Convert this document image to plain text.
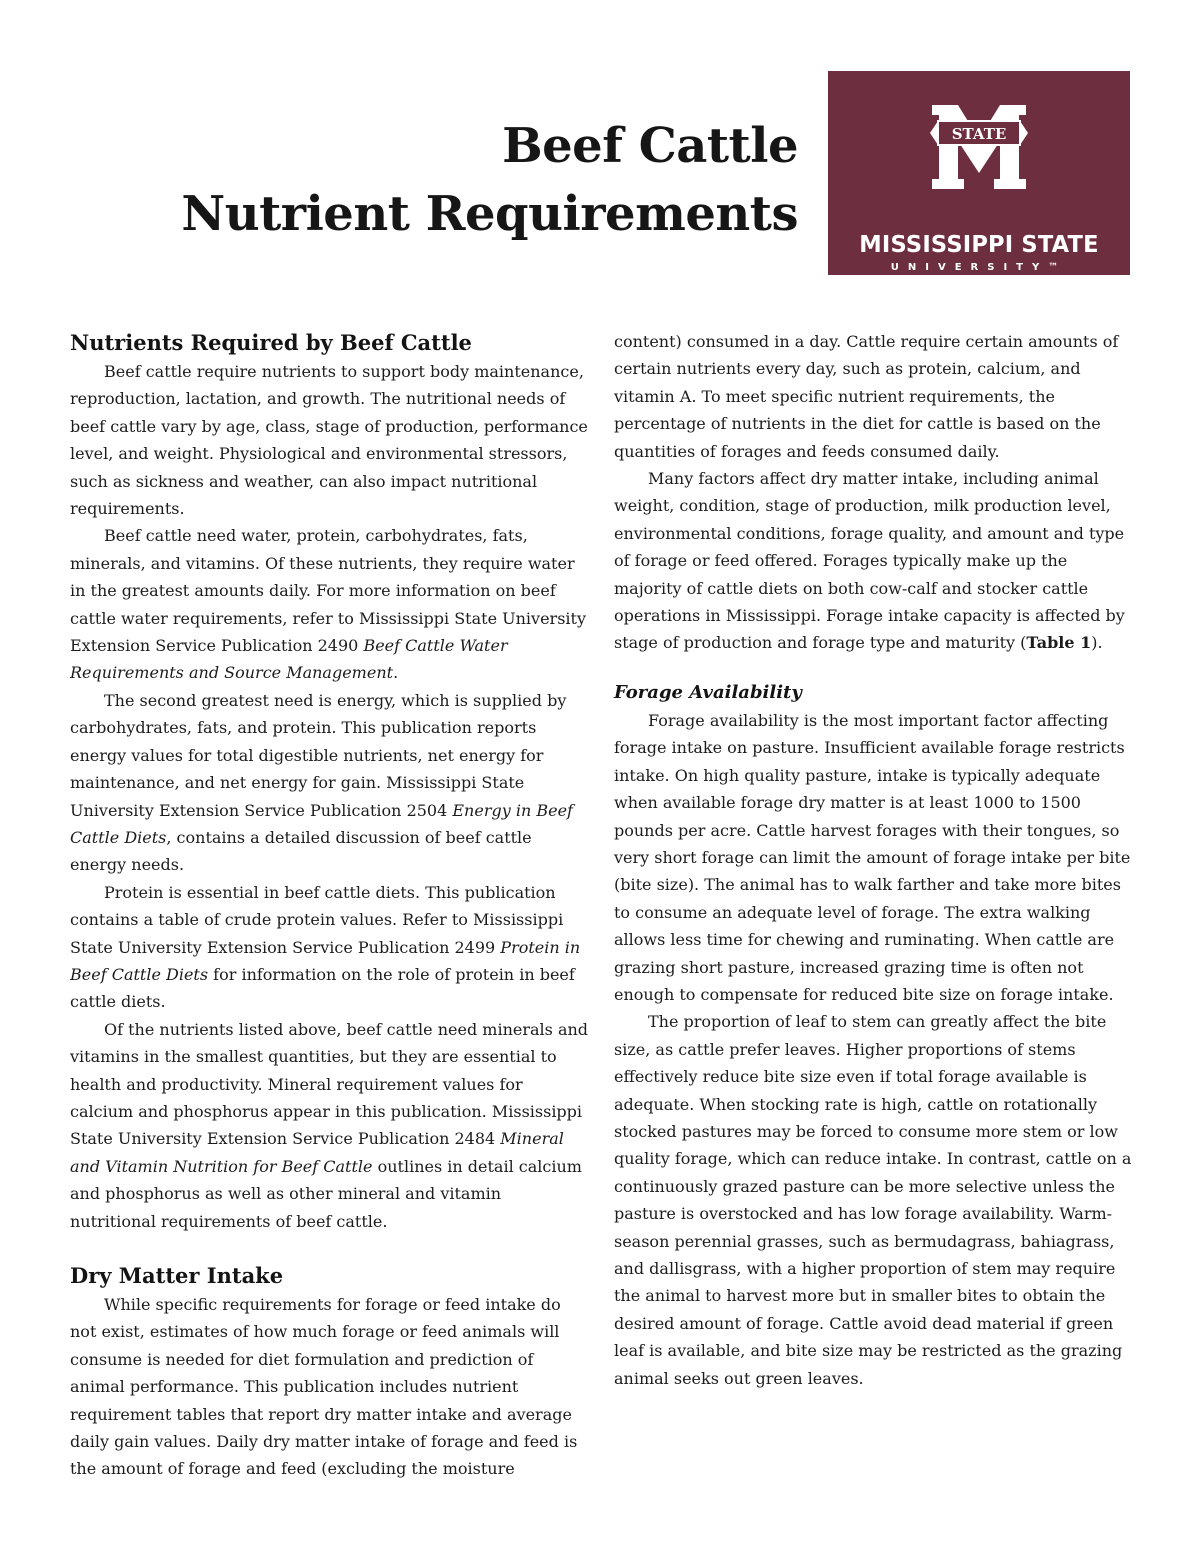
Beef Cattle
Nutrient Requirements
STATE
MISSISSIPPI STATE
UNIVERSITY™
EXTENSION
Nutrients Required by Beef Cattle

Beef cattle require nutrients to support body maintenance, reproduction, lactation, and growth. The nutritional needs of beef cattle vary by age, class, stage of production, performance level, and weight. Physiological and environmental stressors, such as sickness and weather, can also impact nutritional requirements.

Beef cattle need water, protein, carbohydrates, fats, minerals, and vitamins. Of these nutrients, they require water in the greatest amounts daily. For more information on beef cattle water requirements, refer to Mississippi State University Extension Service Publication 2490 Beef Cattle Water Requirements and Source Management.

The second greatest need is energy, which is supplied by carbohydrates, fats, and protein. This publication reports energy values for total digestible nutrients, net energy for maintenance, and net energy for gain. Mississippi State University Extension Service Publication 2504 Energy in Beef Cattle Diets, contains a detailed discussion of beef cattle energy needs.

Protein is essential in beef cattle diets. This publication contains a table of crude protein values. Refer to Mississippi State University Extension Service Publication 2499 Protein in Beef Cattle Diets for information on the role of protein in beef cattle diets.

Of the nutrients listed above, beef cattle need minerals and vitamins in the smallest quantities, but they are essential to health and productivity. Mineral requirement values for calcium and phosphorus appear in this publication. Mississippi State University Extension Service Publication 2484 Mineral and Vitamin Nutrition for Beef Cattle outlines in detail calcium and phosphorus as well as other mineral and vitamin nutritional requirements of beef cattle.

Dry Matter Intake

While specific requirements for forage or feed intake do not exist, estimates of how much forage or feed animals will consume is needed for diet formulation and prediction of animal performance. This publication includes nutrient requirement tables that report dry matter intake and average daily gain values. Daily dry matter intake of forage and feed is the amount of forage and feed (excluding the moisture

content) consumed in a day. Cattle require certain amounts of certain nutrients every day, such as protein, calcium, and vitamin A. To meet specific nutrient requirements, the percentage of nutrients in the diet for cattle is based on the quantities of forages and feeds consumed daily.

Many factors affect dry matter intake, including animal weight, condition, stage of production, milk production level, environmental conditions, forage quality, and amount and type of forage or feed offered. Forages typically make up the majority of cattle diets on both cow-calf and stocker cattle operations in Mississippi. Forage intake capacity is affected by stage of production and forage type and maturity (Table 1).

Forage Availability

Forage availability is the most important factor affecting forage intake on pasture. Insufficient available forage restricts intake. On high quality pasture, intake is typically adequate when available forage dry matter is at least 1000 to 1500 pounds per acre. Cattle harvest forages with their tongues, so very short forage can limit the amount of forage intake per bite (bite size). The animal has to walk farther and take more bites to consume an adequate level of forage. The extra walking allows less time for chewing and ruminating. When cattle are grazing short pasture, increased grazing time is often not enough to compensate for reduced bite size on forage intake.

The proportion of leaf to stem can greatly affect the bite size, as cattle prefer leaves. Higher proportions of stems effectively reduce bite size even if total forage available is adequate. When stocking rate is high, cattle on rotationally stocked pastures may be forced to consume more stem or low quality forage, which can reduce intake. In contrast, cattle on a continuously grazed pasture can be more selective unless the pasture is overstocked and has low forage availability. Warm-season perennial grasses, such as bermudagrass, bahiagrass, and dallisgrass, with a higher proportion of stem may require the animal to harvest more but in smaller bites to obtain the desired amount of forage. Cattle avoid dead material if green leaf is available, and bite size may be restricted as the grazing animal seeks out green leaves.
